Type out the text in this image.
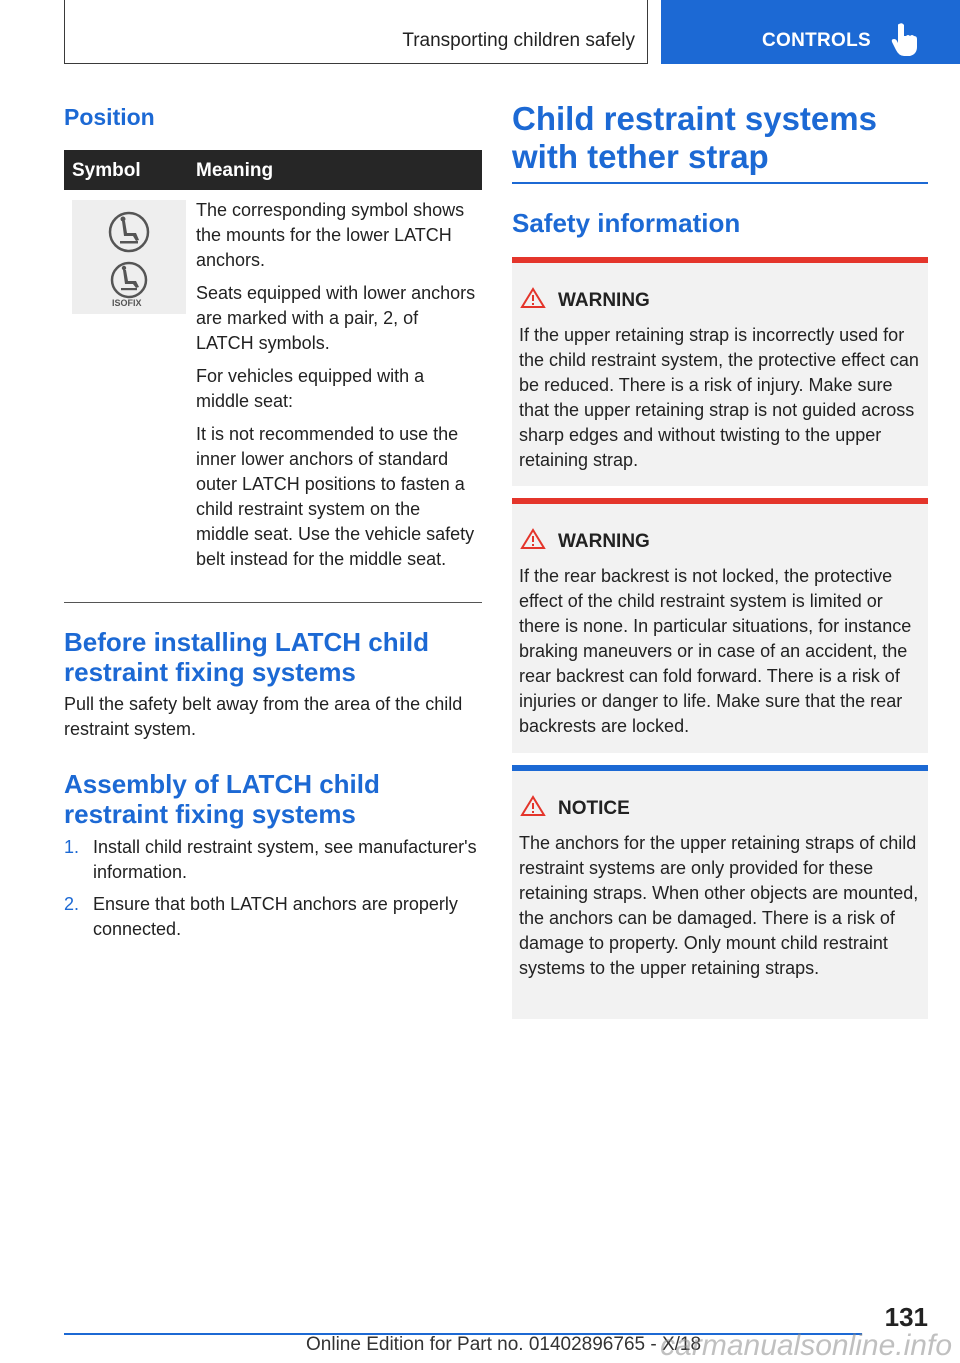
Transporting children safely	CONTROLS
Position
Symbol	Meaning
ISOFIX

The corresponding symbol shows the mounts for the lower LATCH anchors.

Seats equipped with lower anchors are marked with a pair, 2, of LATCH symbols.

For vehicles equipped with a middle seat:

It is not recommended to use the inner lower anchors of standard outer LATCH positions to fasten a child restraint system on the middle seat. Use the vehicle safety belt instead for the middle seat.

Before installing LATCH child restraint fixing systems

Pull the safety belt away from the area of the child restraint system.

Assembly of LATCH child restraint fixing systems
1. Install child restraint system, see manufacturer's information.
2. Ensure that both LATCH anchors are properly connected.
Child restraint systems with tether strap
Safety information
WARNING
If the upper retaining strap is incorrectly used for the child restraint system, the protective effect can be reduced. There is a risk of injury. Make sure that the upper retaining strap is not guided across sharp edges and without twisting to the upper retaining strap.
WARNING
If the rear backrest is not locked, the protective effect of the child restraint system is limited or there is none. In particular situations, for instance braking maneuvers or in case of an accident, the rear backrest can fold forward. There is a risk of injuries or danger to life. Make sure that the rear backrests are locked.
NOTICE
The anchors for the upper retaining straps of child restraint systems are only provided for these retaining straps. When other objects are mounted, the anchors can be damaged. There is a risk of damage to property. Only mount child restraint systems to the upper retaining straps.
131
Online Edition for Part no. 01402896765 - X/18
carmanualsonline.info
